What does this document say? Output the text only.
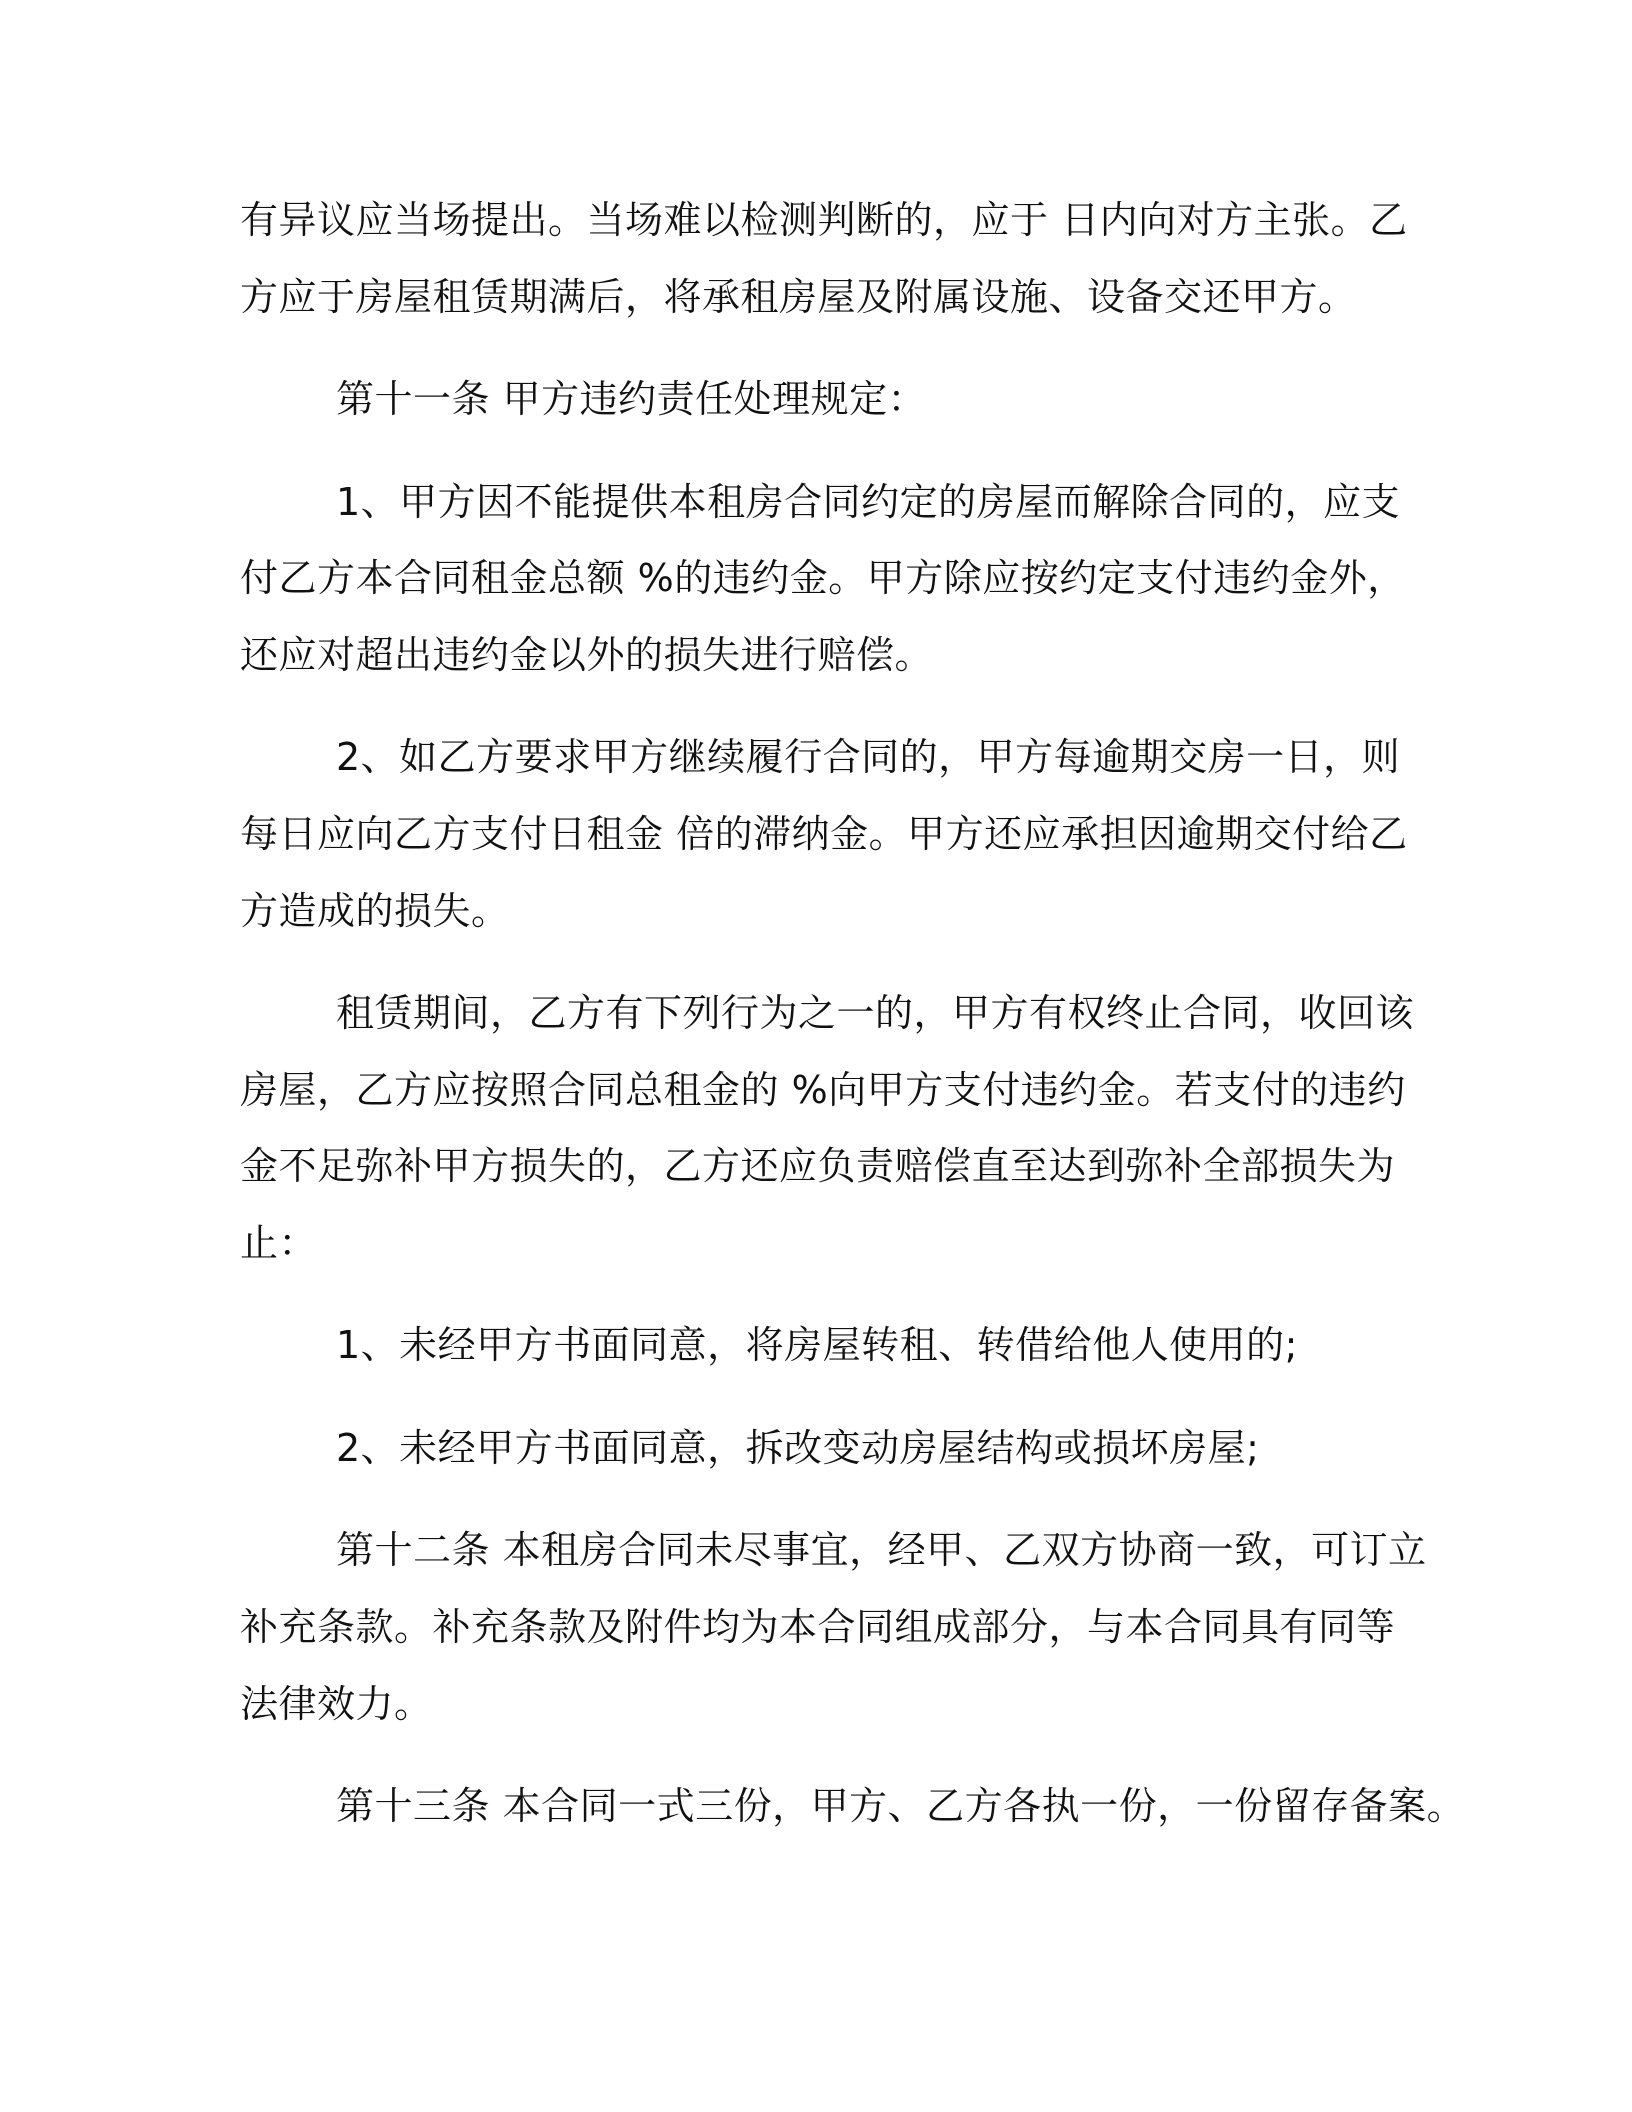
有异议应当场提出。当场难以检测判断的，应于 日内向对方主张。乙

方应于房屋租赁期满后，将承租房屋及附属设施、设备交还甲方。

第十一条 甲方违约责任处理规定：

1、甲方因不能提供本租房合同约定的房屋而解除合同的，应支

付乙方本合同租金总额 %的违约金。甲方除应按约定支付违约金外，

还应对超出违约金以外的损失进行赔偿。

2、如乙方要求甲方继续履行合同的，甲方每逾期交房一日，则

每日应向乙方支付日租金 倍的滞纳金。甲方还应承担因逾期交付给乙

方造成的损失。

租赁期间，乙方有下列行为之一的，甲方有权终止合同，收回该

房屋，乙方应按照合同总租金的 %向甲方支付违约金。若支付的违约

金不足弥补甲方损失的，乙方还应负责赔偿直至达到弥补全部损失为

止：

1、未经甲方书面同意，将房屋转租、转借给他人使用的;

2、未经甲方书面同意，拆改变动房屋结构或损坏房屋;

第十二条 本租房合同未尽事宜，经甲、乙双方协商一致，可订立

补充条款。补充条款及附件均为本合同组成部分，与本合同具有同等

法律效力。

第十三条 本合同一式三份，甲方、乙方各执一份，一份留存备案。
